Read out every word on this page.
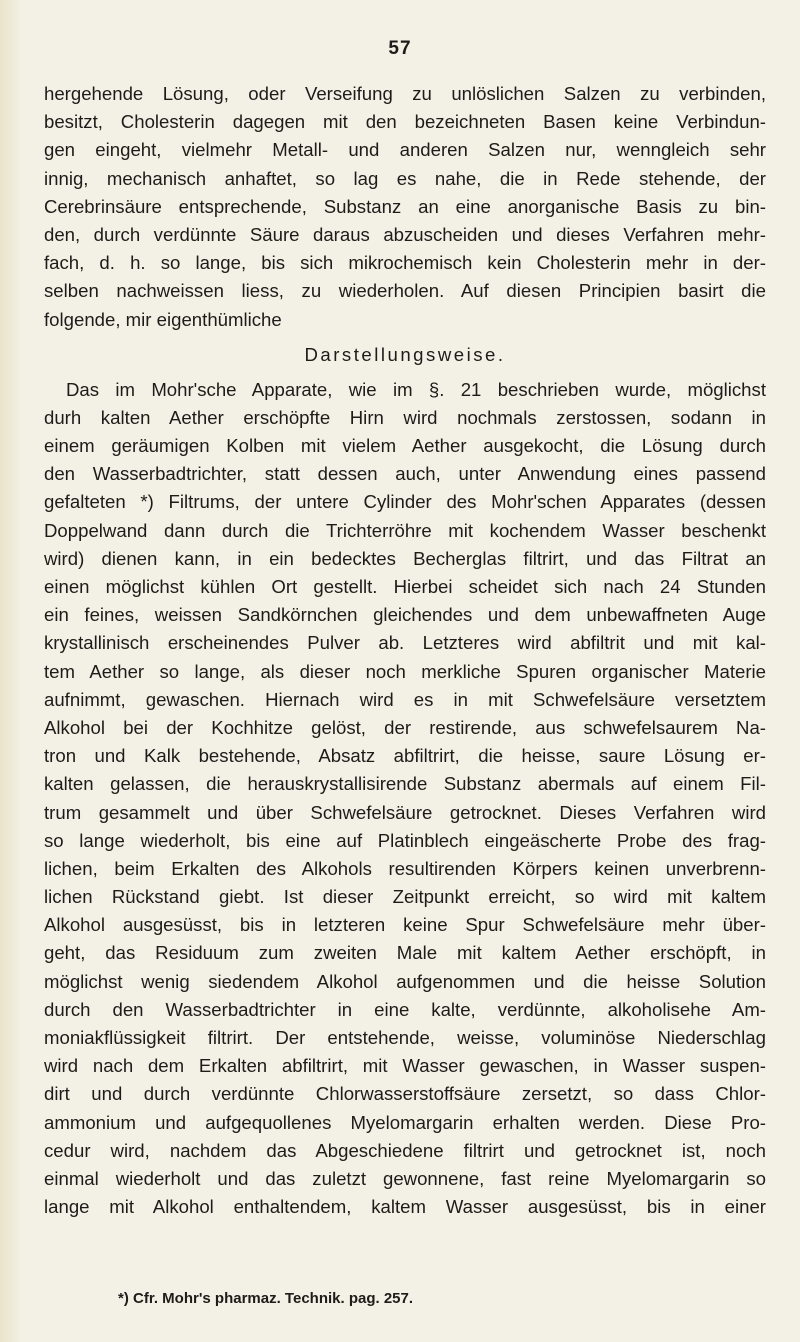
57
hergehende Lösung, oder Verseifung zu unlöslichen Salzen zu verbinden,
besitzt, Cholesterin dagegen mit den bezeichneten Basen keine Verbindun-
gen eingeht, vielmehr Metall- und anderen Salzen nur, wenngleich sehr
innig, mechanisch anhaftet, so lag es nahe, die in Rede stehende, der
Cerebrinsäure entsprechende, Substanz an eine anorganische Basis zu bin-
den, durch verdünnte Säure daraus abzuscheiden und dieses Verfahren mehr-
fach, d. h. so lange, bis sich mikrochemisch kein Cholesterin mehr in der-
selben nachweissen liess, zu wiederholen. Auf diesen Principien basirt die
folgende, mir eigenthümliche
Darstellungsweise.
Das im Mohr'sche Apparate, wie im §. 21 beschrieben wurde, möglichst
durh kalten Aether erschöpfte Hirn wird nochmals zerstossen, sodann in
einem geräumigen Kolben mit vielem Aether ausgekocht, die Lösung durch
den Wasserbadtrichter, statt dessen auch, unter Anwendung eines passend
gefalteten *) Filtrums, der untere Cylinder des Mohr'schen Apparates (dessen
Doppelwand dann durch die Trichterröhre mit kochendem Wasser beschenkt
wird) dienen kann, in ein bedecktes Becherglas filtrirt, und das Filtrat an
einen möglichst kühlen Ort gestellt. Hierbei scheidet sich nach 24 Stunden
ein feines, weissen Sandkörnchen gleichendes und dem unbewaffneten Auge
krystallinisch erscheinendes Pulver ab. Letzteres wird abfiltrit und mit kal-
tem Aether so lange, als dieser noch merkliche Spuren organischer Materie
aufnimmt, gewaschen. Hiernach wird es in mit Schwefelsäure versetztem
Alkohol bei der Kochhitze gelöst, der restirende, aus schwefelsaurem Na-
tron und Kalk bestehende, Absatz abfiltrirt, die heisse, saure Lösung er-
kalten gelassen, die herauskrystallisirende Substanz abermals auf einem Fil-
trum gesammelt und über Schwefelsäure getrocknet. Dieses Verfahren wird
so lange wiederholt, bis eine auf Platinblech eingeäscherte Probe des frag-
lichen, beim Erkalten des Alkohols resultirenden Körpers keinen unverbrenn-
lichen Rückstand giebt. Ist dieser Zeitpunkt erreicht, so wird mit kaltem
Alkohol ausgesüsst, bis in letzteren keine Spur Schwefelsäure mehr über-
geht, das Residuum zum zweiten Male mit kaltem Aether erschöpft, in
möglichst wenig siedendem Alkohol aufgenommen und die heisse Solution
durch den Wasserbadtrichter in eine kalte, verdünnte, alkoholisehe Am-
moniakflüssigkeit filtrirt. Der entstehende, weisse, voluminöse Niederschlag
wird nach dem Erkalten abfiltrirt, mit Wasser gewaschen, in Wasser suspen-
dirt und durch verdünnte Chlorwasserstoffsäure zersetzt, so dass Chlor-
ammonium und aufgequollenes Myelomargarin erhalten werden. Diese Pro-
cedur wird, nachdem das Abgeschiedene filtrirt und getrocknet ist, noch
einmal wiederholt und das zuletzt gewonnene, fast reine Myelomargarin so
lange mit Alkohol enthaltendem, kaltem Wasser ausgesüsst, bis in einer
*) Cfr. Mohr's pharmaz. Technik. pag. 257.
